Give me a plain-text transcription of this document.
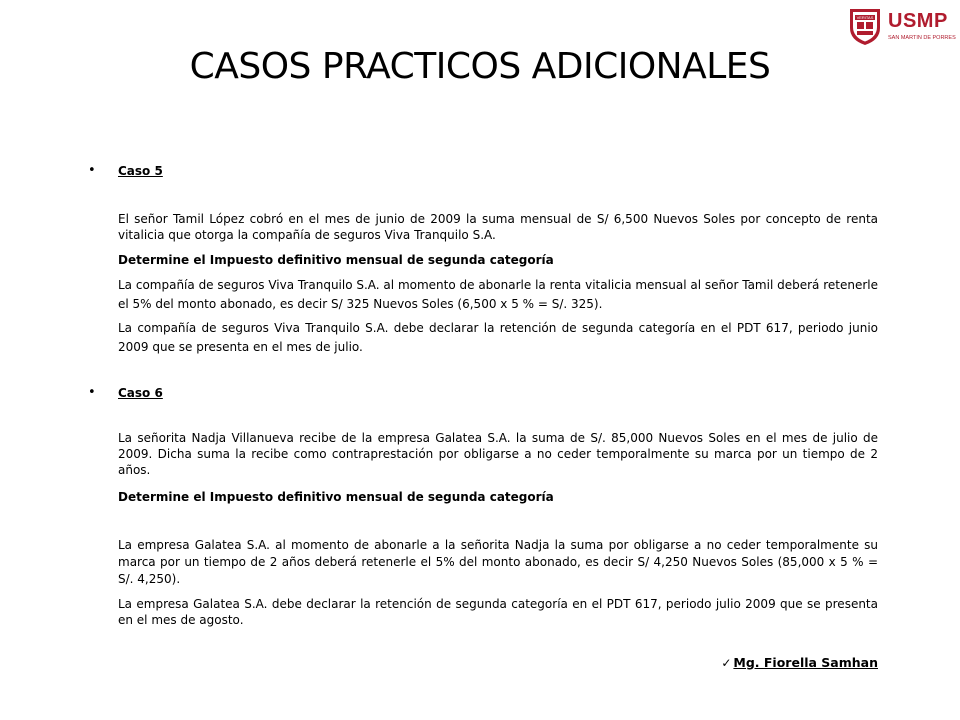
VERITAS USMP
SAN MARTIN DE PORRES
CASOS PRACTICOS ADICIONALES
• Caso 5

El señor Tamil López cobró en el mes de junio de 2009 la suma mensual de S/ 6,500 Nuevos Soles por concepto de renta vitalicia que otorga la compañía de seguros Viva Tranquilo S.A.

Determine el Impuesto definitivo mensual de segunda categoría

La compañía de seguros Viva Tranquilo S.A. al momento de abonarle la renta vitalicia mensual al señor Tamil deberá retenerle el 5% del monto abonado, es decir S/ 325 Nuevos Soles (6,500 x 5 % = S/. 325).

La compañía de seguros Viva Tranquilo S.A. debe declarar la retención de segunda categoría en el PDT 617, periodo junio 2009 que se presenta en el mes de julio.

• Caso 6

La señorita Nadja Villanueva recibe de la empresa Galatea S.A. la suma de S/. 85,000 Nuevos Soles en el mes de julio de 2009. Dicha suma la recibe como contraprestación por obligarse a no ceder temporalmente su marca por un tiempo de 2 años.

Determine el Impuesto definitivo mensual de segunda categoría

La empresa Galatea S.A. al momento de abonarle a la señorita Nadja la suma por obligarse a no ceder temporalmente su marca por un tiempo de 2 años deberá retenerle el 5% del monto abonado, es decir S/ 4,250 Nuevos Soles (85,000 x 5 % = S/. 4,250).

La empresa Galatea S.A. debe declarar la retención de segunda categoría en el PDT 617, periodo julio 2009 que se presenta en el mes de agosto.

✓ Mg. Fiorella Samhan
